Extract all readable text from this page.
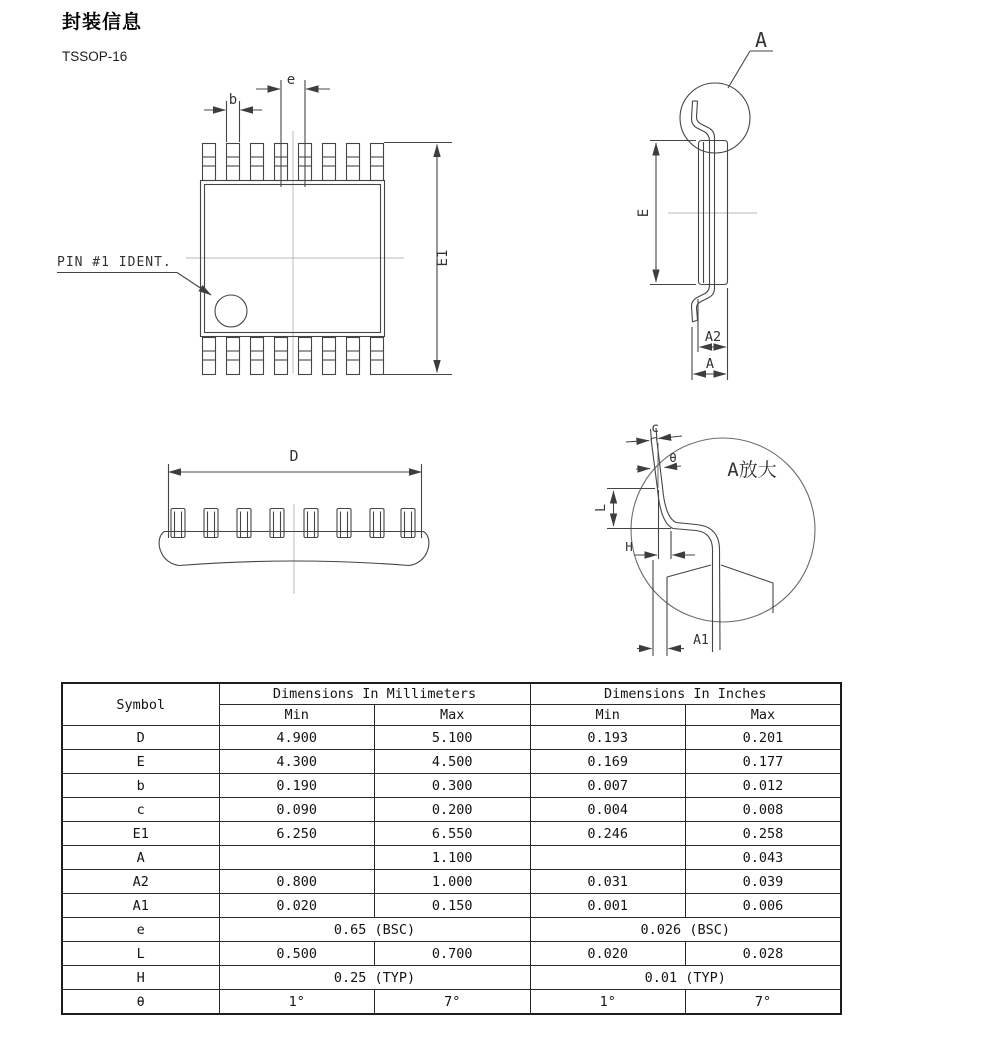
封装信息
TSSOP-16
e
b
E1
PIN #1 IDENT.
A
E
A2
A
D
A放大
c
θ
L
H
A1
Symbol	Dimensions In Millimeters		Dimensions In Inches	
	Min	Max	Min	Max
D	4.900	5.100	0.193	0.201
E	4.300	4.500	0.169	0.177
b	0.190	0.300	0.007	0.012
c	0.090	0.200	0.004	0.008
E1	6.250	6.550	0.246	0.258
A		1.100		0.043
A2	0.800	1.000	0.031	0.039
A1	0.020	0.150	0.001	0.006
e	0.65 (BSC)		0.026 (BSC)	
L	0.500	0.700	0.020	0.028
H	0.25 (TYP)		0.01 (TYP)	
θ	1°	7°	1°	7°
